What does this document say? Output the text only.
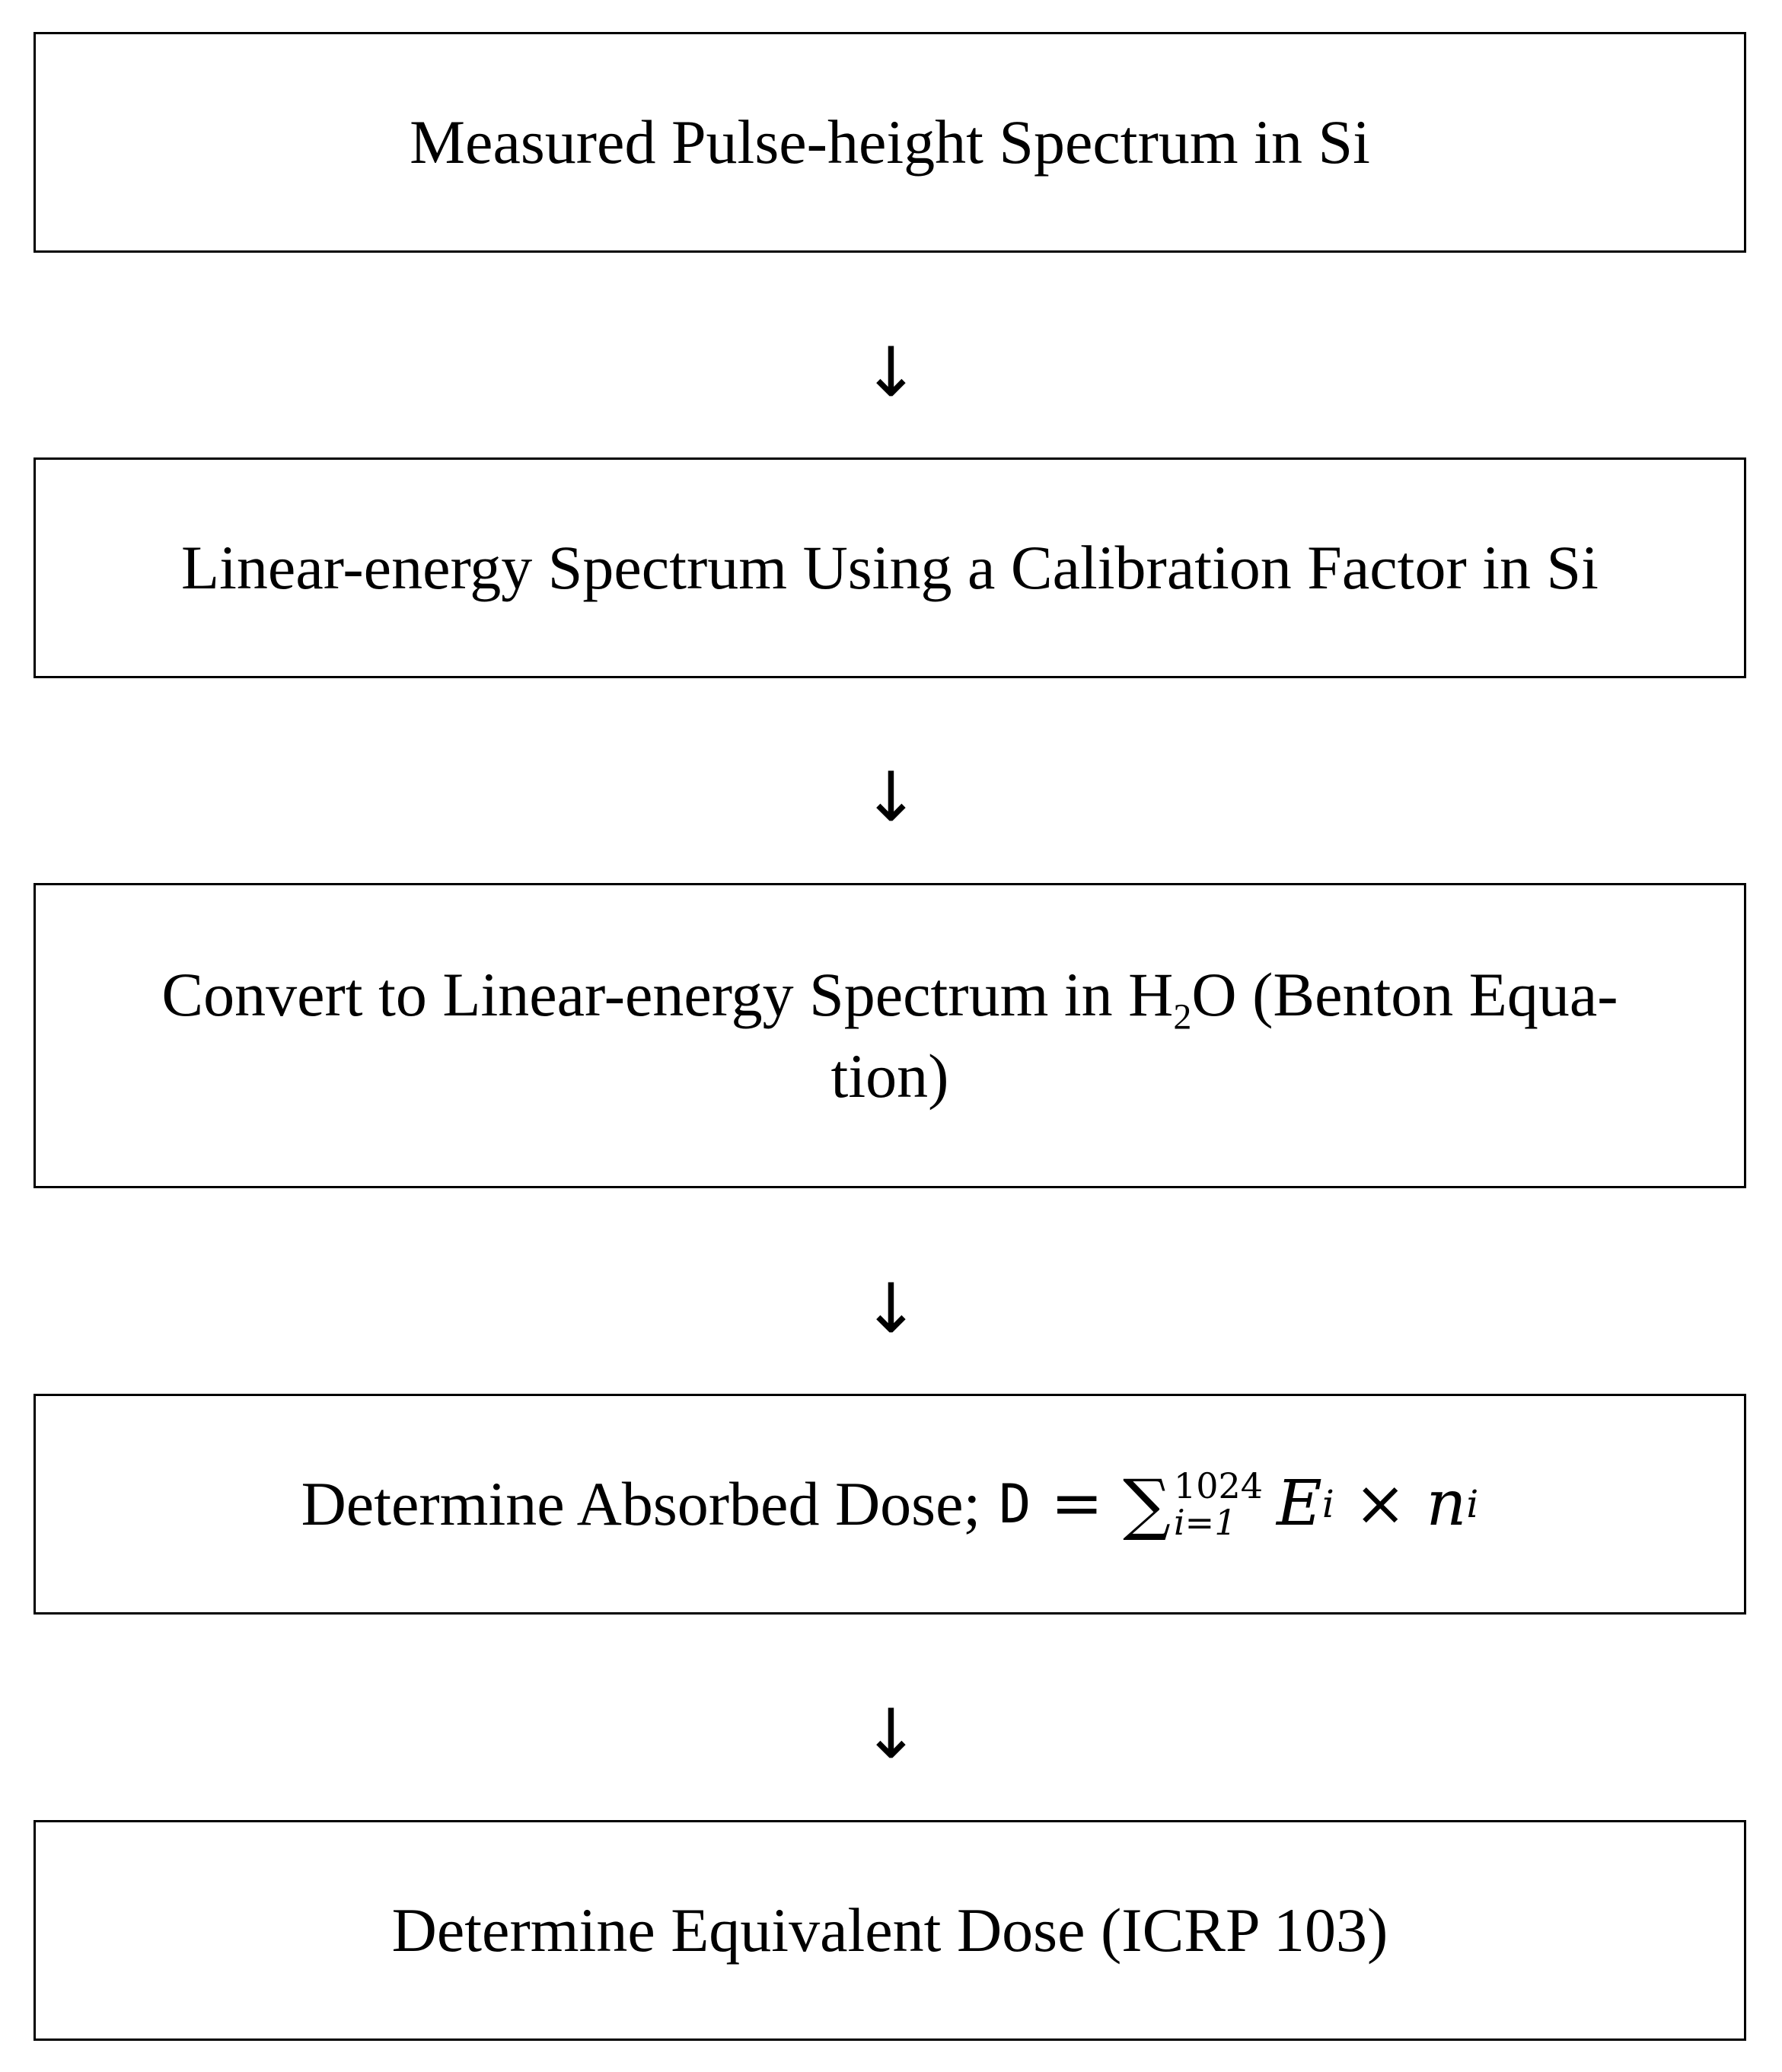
Measured Pulse-height Spectrum in Si
↓
Linear-energy Spectrum Using a Calibration Factor in Si
↓
Convert to Linear-energy Spectrum in $H_2O$ (Benton Equa-
tion)
↓
Determine Absorbed Dose; D = ∑ 1024
i=1 E i × n i
↓
Determine Equivalent Dose (ICRP 103)
